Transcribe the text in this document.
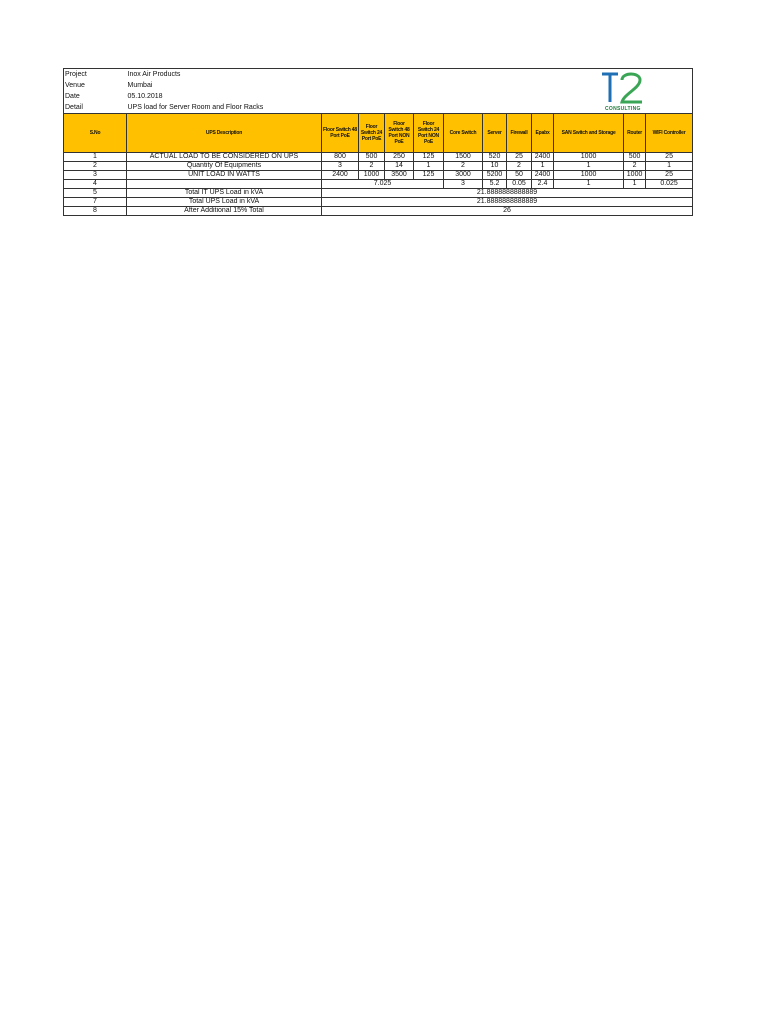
Project	Inox Air Products									CONSULTING		

Venue	Mumbai											
Date	05.10.2018											
Detail	UPS load for Server Room and Floor Racks											
S.No	UPS Description	Floor Switch 48 Port PoE	Floor Switch 24 Port PoE	Floor Switch 48 Port NON PoE	Floor Switch 24 Port NON PoE	Core Switch	Server	Firewall	Epabx	SAN Switch and Storage	Router	WIFI Controller
1	ACTUAL LOAD TO BE CONSIDERED ON UPS	800	500	250	125	1500	520	25	2400	1000	500	25
2	Quantity Of Equipments	3	2	14	1	2	10	2	1	1	2	1
3	UNIT LOAD IN WATTS	2400	1000	3500	125	3000	5200	50	2400	1000	1000	25
4		7.025				3	5.2	0.05	2.4	1	1	0.025
5	Total IT UPS Load in kVA	21.8888888888889										
7	Total UPS Load in kVA	21.8888888888889										
8	After Additional 15% Total	26										
